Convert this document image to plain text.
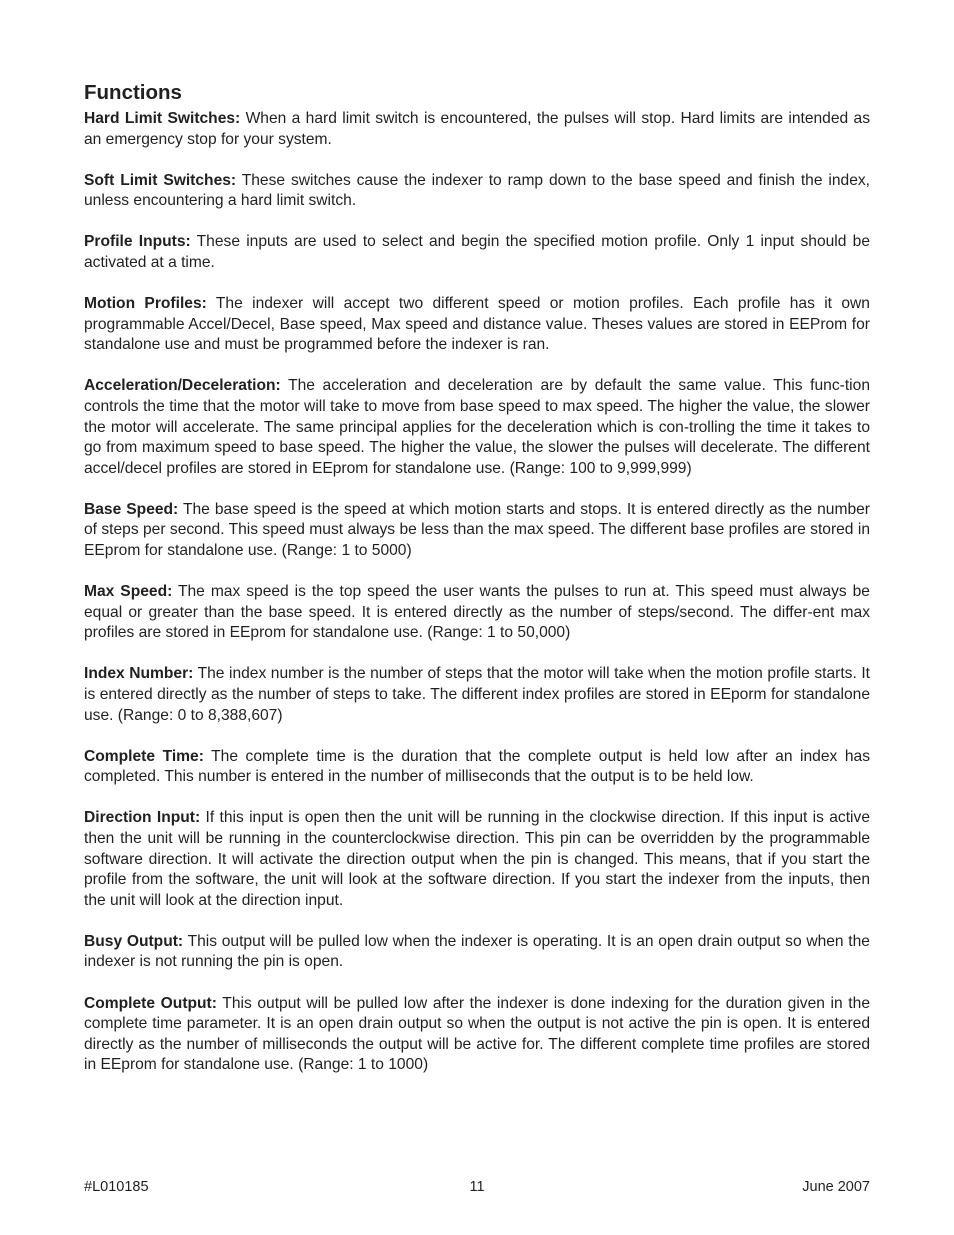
Functions

Hard Limit Switches: When a hard limit switch is encountered, the pulses will stop. Hard limits are intended as an emergency stop for your system.

Soft Limit Switches: These switches cause the indexer to ramp down to the base speed and finish the index, unless encountering a hard limit switch.

Profile Inputs: These inputs are used to select and begin the specified motion profile. Only 1 input should be activated at a time.

Motion Profiles: The indexer will accept two different speed or motion profiles. Each profile has it own programmable Accel/Decel, Base speed, Max speed and distance value. Theses values are stored in EEProm for standalone use and must be programmed before the indexer is ran.

Acceleration/Deceleration: The acceleration and deceleration are by default the same value. This func-tion controls the time that the motor will take to move from base speed to max speed. The higher the value, the slower the motor will accelerate. The same principal applies for the deceleration which is con-trolling the time it takes to go from maximum speed to base speed. The higher the value, the slower the pulses will decelerate. The different accel/decel profiles are stored in EEprom for standalone use. (Range: 100 to 9,999,999)

Base Speed: The base speed is the speed at which motion starts and stops. It is entered directly as the number of steps per second. This speed must always be less than the max speed. The different base profiles are stored in EEprom for standalone use. (Range: 1 to 5000)

Max Speed: The max speed is the top speed the user wants the pulses to run at. This speed must always be equal or greater than the base speed. It is entered directly as the number of steps/second. The differ-ent max profiles are stored in EEprom for standalone use. (Range: 1 to 50,000)

Index Number: The index number is the number of steps that the motor will take when the motion profile starts. It is entered directly as the number of steps to take. The different index profiles are stored in EEporm for standalone use. (Range: 0 to 8,388,607)

Complete Time: The complete time is the duration that the complete output is held low after an index has completed. This number is entered in the number of milliseconds that the output is to be held low.

Direction Input: If this input is open then the unit will be running in the clockwise direction. If this input is active then the unit will be running in the counterclockwise direction. This pin can be overridden by the programmable software direction. It will activate the direction output when the pin is changed. This means, that if you start the profile from the software, the unit will look at the software direction. If you start the indexer from the inputs, then the unit will look at the direction input.

Busy Output: This output will be pulled low when the indexer is operating. It is an open drain output so when the indexer is not running the pin is open.

Complete Output: This output will be pulled low after the indexer is done indexing for the duration given in the complete time parameter. It is an open drain output so when the output is not active the pin is open. It is entered directly as the number of milliseconds the output will be active for. The different complete time profiles are stored in EEprom for standalone use. (Range: 1 to 1000)

#L010185	11	June 2007
